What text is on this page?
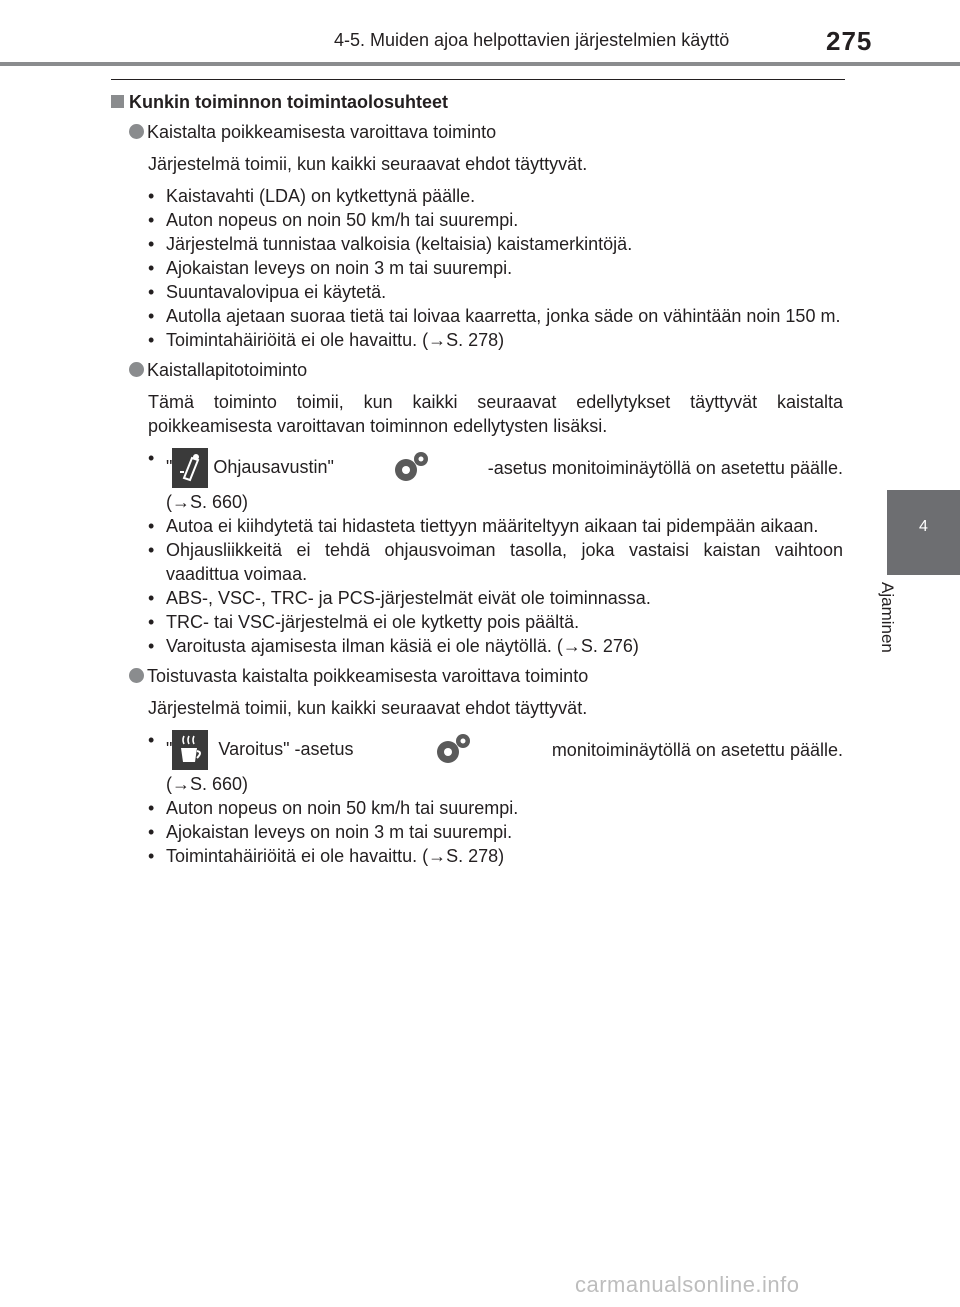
4-5. Muiden ajoa helpottavien järjestelmien käyttö	275
4
Ajaminen
Kunkin toiminnon toimintaolosuhteet
Kaistalta poikkeamisesta varoittava toiminto
Järjestelmä toimii, kun kaikki seuraavat ehdot täyttyvät.
• Kaistavahti (LDA) on kytkettynä päälle.
• Auton nopeus on noin 50 km/h tai suurempi.
• Järjestelmä tunnistaa valkoisia (keltaisia) kaistamerkintöjä.
• Ajokaistan leveys on noin 3 m tai suurempi.
• Suuntavalovipua ei käytetä.
• Autolla ajetaan suoraa tietä tai loivaa kaarretta, jonka säde on vähintään noin 150 m.
• Toimintahäiriöitä ei ole havaittu. (→S. 278)
Kaistallapitotoiminto
Tämä toiminto toimii, kun kaikki seuraavat edellytykset täyttyvät kaistalta poikkeamisesta varoittavan toiminnon edellytysten lisäksi.
• " Ohjausavustin"	-asetus monitoiminäytöllä on asetettu päälle.
(→S. 660)
• Autoa ei kiihdytetä tai hidasteta tiettyyn määriteltyyn aikaan tai pidempään aikaan.
• Ohjausliikkeitä ei tehdä ohjausvoiman tasolla, joka vastaisi kaistan vaihtoon vaadittua voimaa.
• ABS-, VSC-, TRC- ja PCS-järjestelmät eivät ole toiminnassa.
• TRC- tai VSC-järjestelmä ei ole kytketty pois päältä.
• Varoitusta ajamisesta ilman käsiä ei ole näytöllä. (→S. 276)
Toistuvasta kaistalta poikkeamisesta varoittava toiminto
Järjestelmä toimii, kun kaikki seuraavat ehdot täyttyvät.
• "	Varoitus" -asetus	monitoiminäytöllä on asetettu päälle.
(→S. 660)
• Auton nopeus on noin 50 km/h tai suurempi.
• Ajokaistan leveys on noin 3 m tai suurempi.
• Toimintahäiriöitä ei ole havaittu. (→S. 278)
carmanualsonline.info
